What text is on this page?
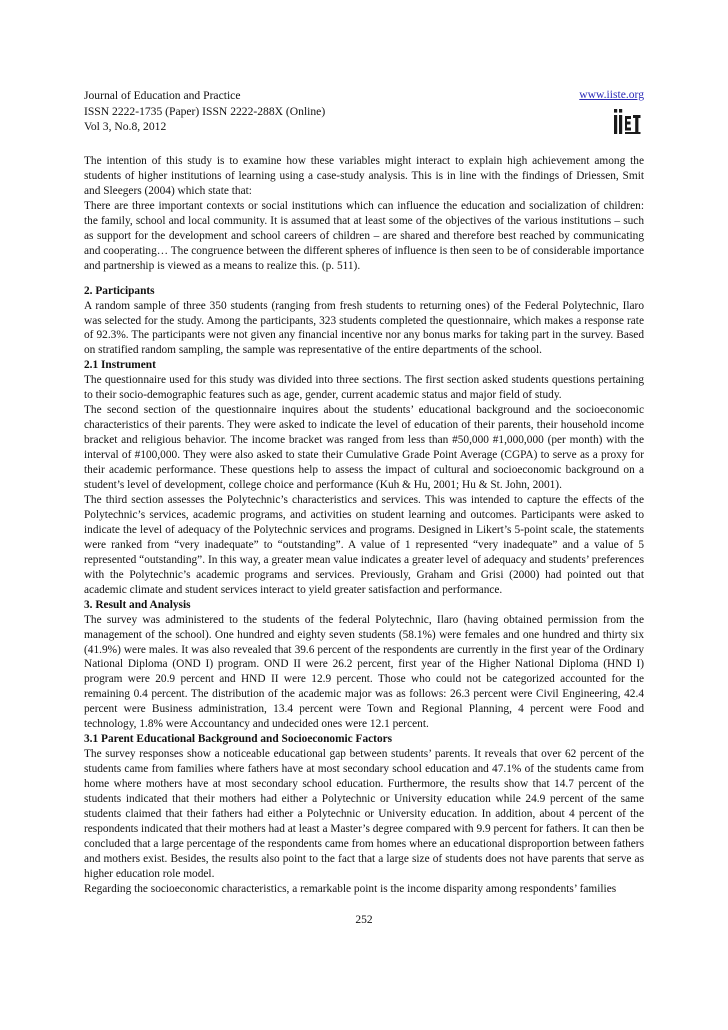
Journal of Education and Practice
ISSN 2222-1735 (Paper) ISSN 2222-288X (Online)
Vol 3, No.8, 2012
www.iiste.org

The intention of this study is to examine how these variables might interact to explain high achievement among the students of higher institutions of learning using a case-study analysis. This is in line with the findings of Driessen, Smit and Sleegers (2004) which state that:

There are three important contexts or social institutions which can influence the education and socialization of children: the family, school and local community. It is assumed that at least some of the objectives of the various institutions – such as support for the development and school careers of children – are shared and therefore best reached by communicating and cooperating… The congruence between the different spheres of influence is then seen to be of considerable importance and partnership is viewed as a means to realize this. (p. 511).

2. Participants

A random sample of three 350 students (ranging from fresh students to returning ones) of the Federal Polytechnic, Ilaro was selected for the study. Among the participants, 323 students completed the questionnaire, which makes a response rate of 92.3%. The participants were not given any financial incentive nor any bonus marks for taking part in the survey. Based on stratified random sampling, the sample was representative of the entire departments of the school.

2.1 Instrument

The questionnaire used for this study was divided into three sections. The first section asked students questions pertaining to their socio-demographic features such as age, gender, current academic status and major field of study.

The second section of the questionnaire inquires about the students’ educational background and the socioeconomic characteristics of their parents. They were asked to indicate the level of education of their parents, their household income bracket and religious behavior. The income bracket was ranged from less than #50,000 #1,000,000 (per month) with the interval of #100,000. They were also asked to state their Cumulative Grade Point Average (CGPA) to serve as a proxy for their academic performance. These questions help to assess the impact of cultural and socioeconomic background on a student’s level of development, college choice and performance (Kuh & Hu, 2001; Hu & St. John, 2001).

The third section assesses the Polytechnic’s characteristics and services. This was intended to capture the effects of the Polytechnic’s services, academic programs, and activities on student learning and outcomes. Participants were asked to indicate the level of adequacy of the Polytechnic services and programs. Designed in Likert’s 5-point scale, the statements were ranked from “very inadequate” to “outstanding”. A value of 1 represented “very inadequate” and a value of 5 represented “outstanding”. In this way, a greater mean value indicates a greater level of adequacy and students’ preferences with the Polytechnic’s academic programs and services. Previously, Graham and Grisi (2000) had pointed out that academic climate and student services interact to yield greater satisfaction and performance.

3. Result and Analysis

The survey was administered to the students of the federal Polytechnic, Ilaro (having obtained permission from the management of the school). One hundred and eighty seven students (58.1%) were females and one hundred and thirty six (41.9%) were males. It was also revealed that 39.6 percent of the respondents are currently in the first year of the Ordinary National Diploma (OND I) program. OND II were 26.2 percent, first year of the Higher National Diploma (HND I) program were 20.9 percent and HND II were 12.9 percent. Those who could not be categorized accounted for the remaining 0.4 percent. The distribution of the academic major was as follows: 26.3 percent were Civil Engineering, 42.4 percent were Business administration, 13.4 percent were Town and Regional Planning, 4 percent were Food and technology, 1.8% were Accountancy and undecided ones were 12.1 percent.

3.1 Parent Educational Background and Socioeconomic Factors

The survey responses show a noticeable educational gap between students’ parents. It reveals that over 62 percent of the students came from families where fathers have at most secondary school education and 47.1% of the students came from home where mothers have at most secondary school education. Furthermore, the results show that 14.7 percent of the students indicated that their mothers had either a Polytechnic or University education while 24.9 percent of the same students claimed that their fathers had either a Polytechnic or University education. In addition, about 4 percent of the respondents indicated that their mothers had at least a Master’s degree compared with 9.9 percent for fathers. It can then be concluded that a large percentage of the respondents came from homes where an educational disproportion between fathers and mothers exist. Besides, the results also point to the fact that a large size of students does not have parents that serve as higher education role model.

Regarding the socioeconomic characteristics, a remarkable point is the income disparity among respondents’ families

252
